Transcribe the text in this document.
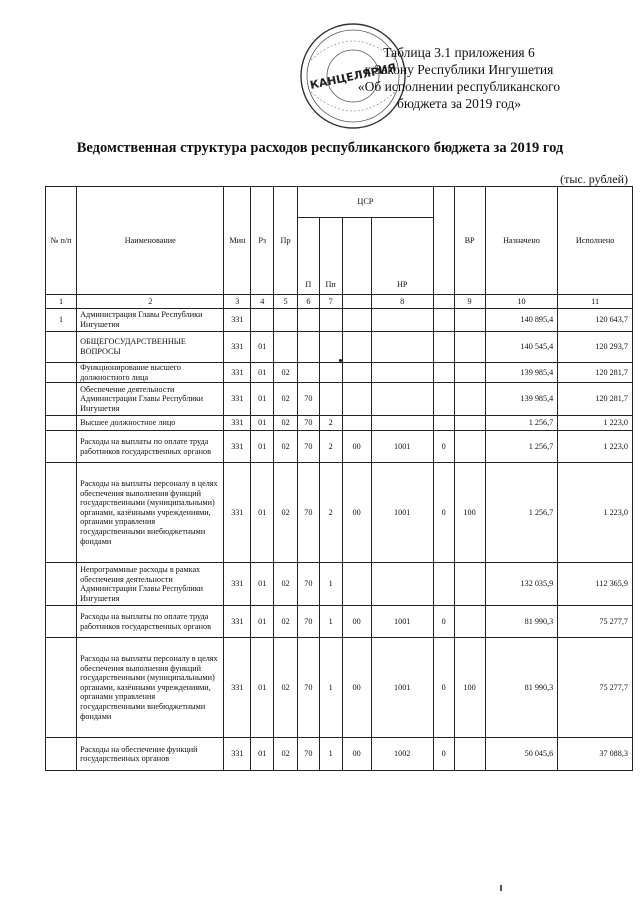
КАНЦЕЛЯРИЯ
Таблица 3.1 приложения 6
к Закону Республики Ингушетия
«Об исполнении республиканского
бюджета за 2019 год»
Ведомственная структура расходов республиканского бюджета за 2019 год
(тыс. рублей)
№ п/п	Наименование	Мин	Рз	Пр	ЦСР					ВР	Назначено	Исполнено
					П	Пп		НР				
1	2	3	4	5	6	7		8		9	10	11
1	Администрация Главы Республики Ингушетия	331									140 895,4	120 643,7
	ОБЩЕГОСУДАРСТВЕННЫЕ ВОПРОСЫ	331	01								140 545,4	120 293,7
	Функционирование высшего должностного лица	331	01	02							139 985,4	120 281,7
	Обеспечение деятельности Администрации Главы Республики Ингушетия	331	01	02	70						139 985,4	120 281,7
	Высшее должностное лицо	331	01	02	70	2					1 256,7	1 223,0
	Расходы на выплаты по оплате труда работников государственных органов	331	01	02	70	2	00	1001	0		1 256,7	1 223,0
	Расходы на выплаты персоналу в целях обеспечения выполнения функций государственными (муниципальными) органами, казёнными учреждениями, органами управления государственными внебюджетными фондами	331	01	02	70	2	00	1001	0	100	1 256,7	1 223,0
	Непрограммные расходы в рамках обеспечения деятельности Администрации Главы Республики Ингушетия	331	01	02	70	1					132 035,9	112 365,9
	Расходы на выплаты по оплате труда работников государственных органов	331	01	02	70	1	00	1001	0		81 990,3	75 277,7
	Расходы на выплаты персоналу в целях обеспечения выполнения функций государственными (муниципальными) органами, казёнными учреждениями, органами управления государственными внебюджетными фондами	331	01	02	70	1	00	1001	0	100	81 990,3	75 277,7
	Расходы на обеспечение функций государственных органов	331	01	02	70	1	00	1002	0		50 045,6	37 088,3
